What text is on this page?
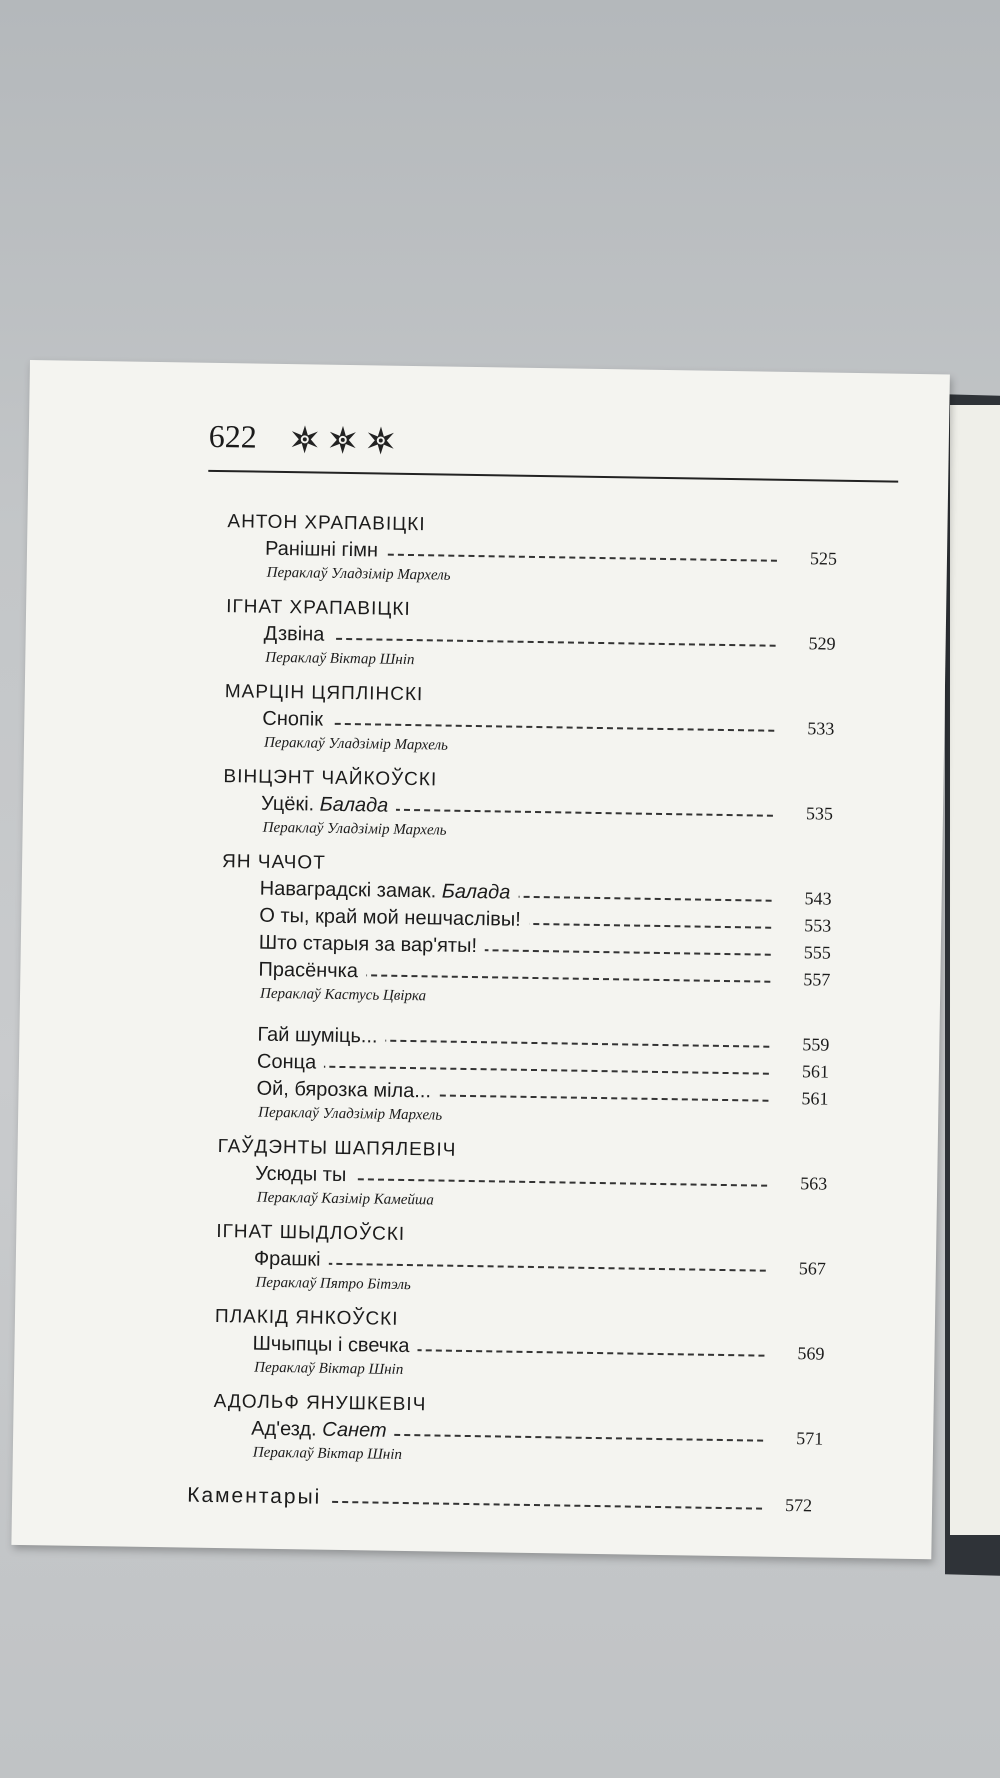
622
АНТОН ХРАПАВІЦКІ
Ранішні гімн	525
Пераклаў Уладзімір Мархель
ІГНАТ ХРАПАВІЦКІ
Дзвіна	529
Пераклаў Віктар Шніп
МАРЦІН ЦЯПЛІНСКІ
Снопік	533
Пераклаў Уладзімір Мархель
ВІНЦЭНТ ЧАЙКОЎСКІ
Уцёкі. Балада	535
Пераклаў Уладзімір Мархель
ЯН ЧАЧОТ
Наваградскі замак. Балада	543
О ты, край мой нешчаслівы!	553
Што старыя за вар'яты!	555
Прасёнчка	557
Пераклаў Кастусь Цвірка
Гай шуміць...	559
Сонца	561
Ой, бярозка міла...	561
Пераклаў Уладзімір Мархель
ГАЎДЭНТЫ ШАПЯЛЕВІЧ
Усюды ты	563
Пераклаў Казімір Камейша
ІГНАТ ШЫДЛОЎСКІ
Фрашкі	567
Пераклаў Пятро Бітэль
ПЛАКІД ЯНКОЎСКІ
Шчыпцы і свечка	569
Пераклаў Віктар Шніп
АДОЛЬФ ЯНУШКЕВІЧ
Ад'езд. Санет	571
Пераклаў Віктар Шніп
Каментарыі	572
